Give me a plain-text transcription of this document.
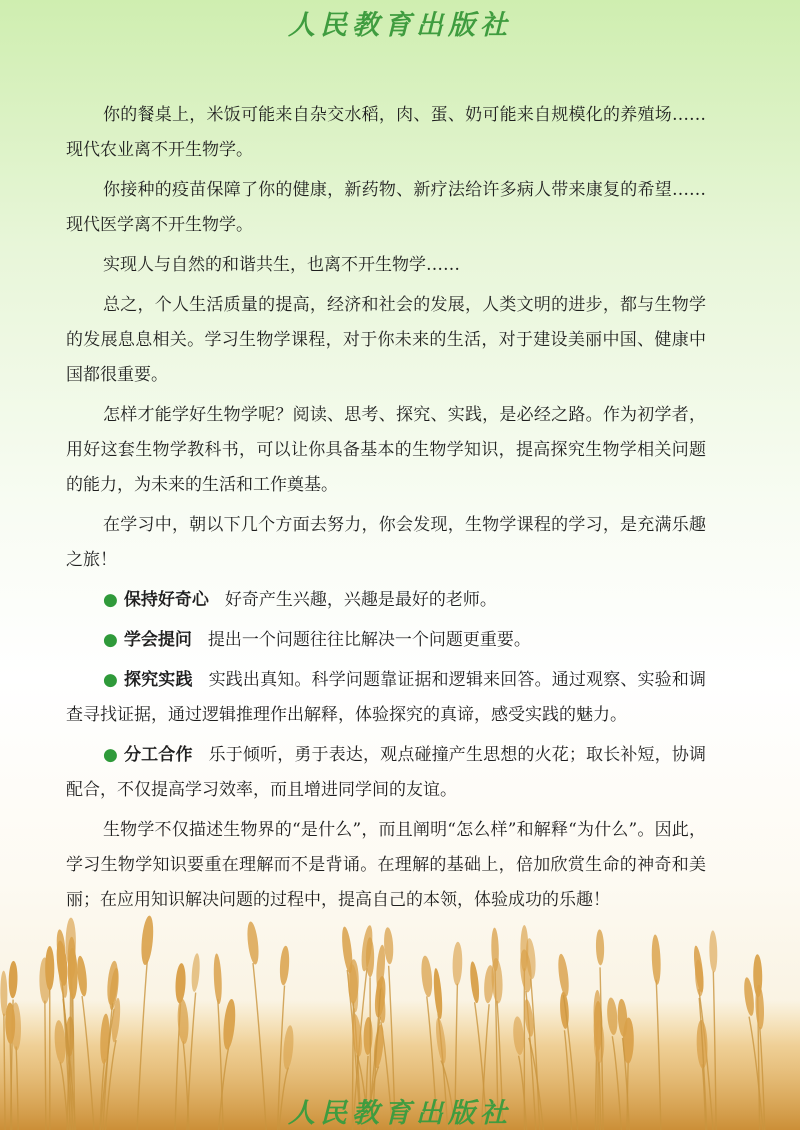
人民教育出版社

你的餐桌上，米饭可能来自杂交水稻，肉、蛋、奶可能来自规模化的养殖场……现代农业离不开生物学。

你接种的疫苗保障了你的健康，新药物、新疗法给许多病人带来康复的希望……现代医学离不开生物学。

实现人与自然的和谐共生，也离不开生物学……

总之，个人生活质量的提高，经济和社会的发展，人类文明的进步，都与生物学的发展息息相关。学习生物学课程，对于你未来的生活，对于建设美丽中国、健康中国都很重要。

怎样才能学好生物学呢？阅读、思考、探究、实践，是必经之路。作为初学者，用好这套生物学教科书，可以让你具备基本的生物学知识，提高探究生物学相关问题的能力，为未来的生活和工作奠基。

在学习中，朝以下几个方面去努力，你会发现，生物学课程的学习，是充满乐趣之旅！

● 保持好奇心 好奇产生兴趣，兴趣是最好的老师。

● 学会提问 提出一个问题往往比解决一个问题更重要。

● 探究实践 实践出真知。科学问题靠证据和逻辑来回答。通过观察、实验和调查寻找证据，通过逻辑推理作出解释，体验探究的真谛，感受实践的魅力。

● 分工合作 乐于倾听，勇于表达，观点碰撞产生思想的火花；取长补短，协调配合，不仅提高学习效率，而且增进同学间的友谊。

生物学不仅描述生物界的“是什么”，而且阐明“怎么样”和解释“为什么”。因此，学习生物学知识要重在理解而不是背诵。在理解的基础上，倍加欣赏生命的神奇和美丽；在应用知识解决问题的过程中，提高自己的本领，体验成功的乐趣！

人民教育出版社
